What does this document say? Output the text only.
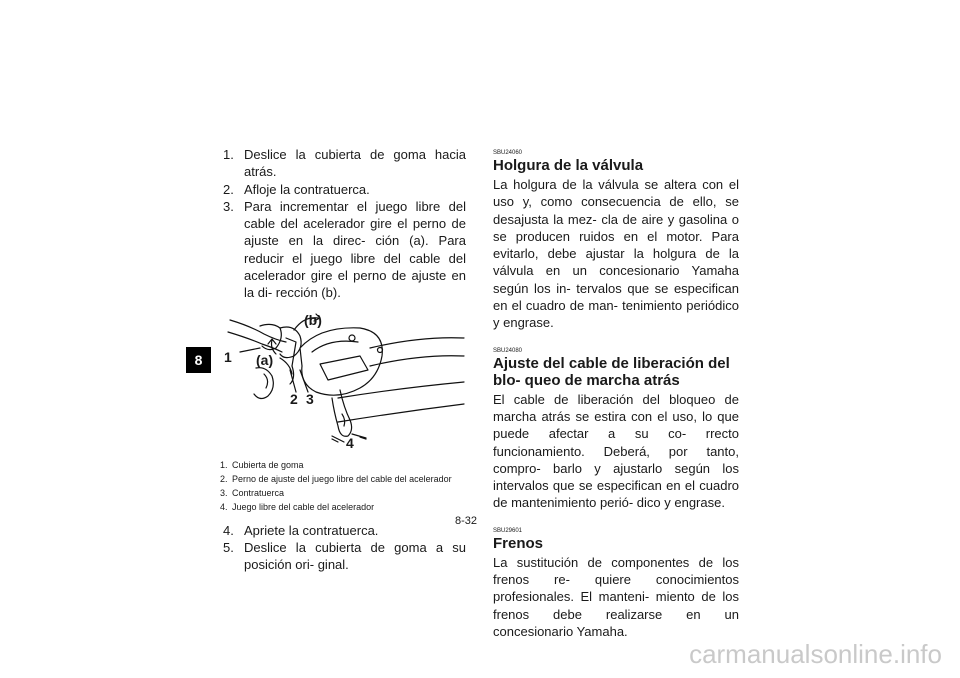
8
1. Deslice la cubierta de goma hacia atrás.
2. Afloje la contratuerca.
3. Para incrementar el juego libre del cable del acelerador gire el perno de ajuste en la direc- ción (a). Para reducir el juego libre del cable del acelerador gire el perno de ajuste en la di- rección (b).
1 (a)
(b)
2 3
4
1. Cubierta de goma
2. Perno de ajuste del juego libre del cable del acelerador
3. Contratuerca
4. Juego libre del cable del acelerador
4. Apriete la contratuerca.
5. Deslice la cubierta de goma a su posición ori- ginal.
SBU24060
Holgura de la válvula

La holgura de la válvula se altera con el uso y, como consecuencia de ello, se desajusta la mez- cla de aire y gasolina o se producen ruidos en el motor. Para evitarlo, debe ajustar la holgura de la válvula en un concesionario Yamaha según los in- tervalos que se especifican en el cuadro de man- tenimiento periódico y engrase.

SBU24080
Ajuste del cable de liberación del blo- queo de marcha atrás

El cable de liberación del bloqueo de marcha atrás se estira con el uso, lo que puede afectar a su co- rrecto funcionamiento. Deberá, por tanto, compro- barlo y ajustarlo según los intervalos que se especifican en el cuadro de mantenimiento perió- dico y engrase.

SBU29601
Frenos

La sustitución de componentes de los frenos re- quiere conocimientos profesionales. El manteni- miento de los frenos debe realizarse en un concesionario Yamaha.

8-32
carmanualsonline.info
